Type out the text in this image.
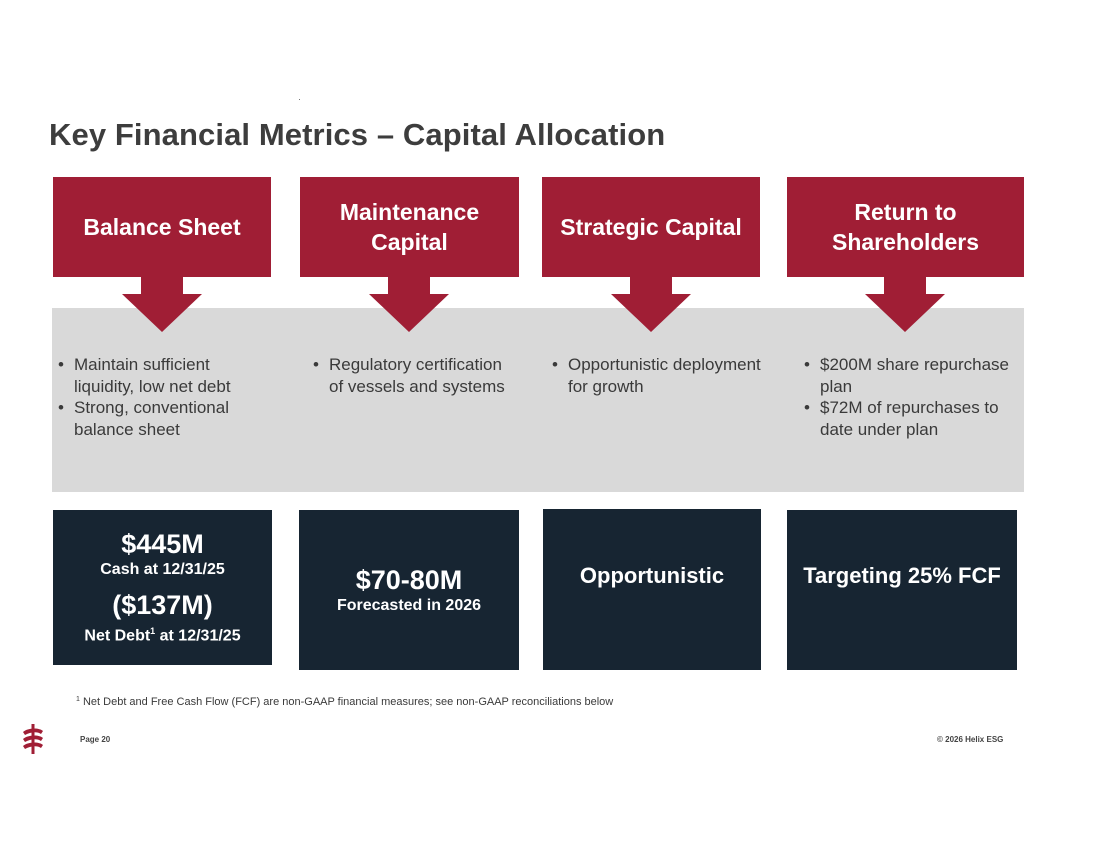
Key Financial Metrics – Capital Allocation
Balance Sheet
Maintenance
Capital
Strategic Capital
Return to
Shareholders
• Maintain sufficient liquidity, low net debt
• Strong, conventional balance sheet
• Regulatory certification of vessels and systems
• Opportunistic deployment for growth
• $200M share repurchase plan
• $72M of repurchases to date under plan
$445M
Cash at 12/31/25
($137M)
Net Debt$^1$ at 12/31/25
$70-80M
Forecasted in 2026
Opportunistic	Targeting 25% FCF
$^1$ Net Debt and Free Cash Flow (FCF) are non-GAAP financial measures; see non-GAAP reconciliations below
Page 20	© 2026 Helix ESG
